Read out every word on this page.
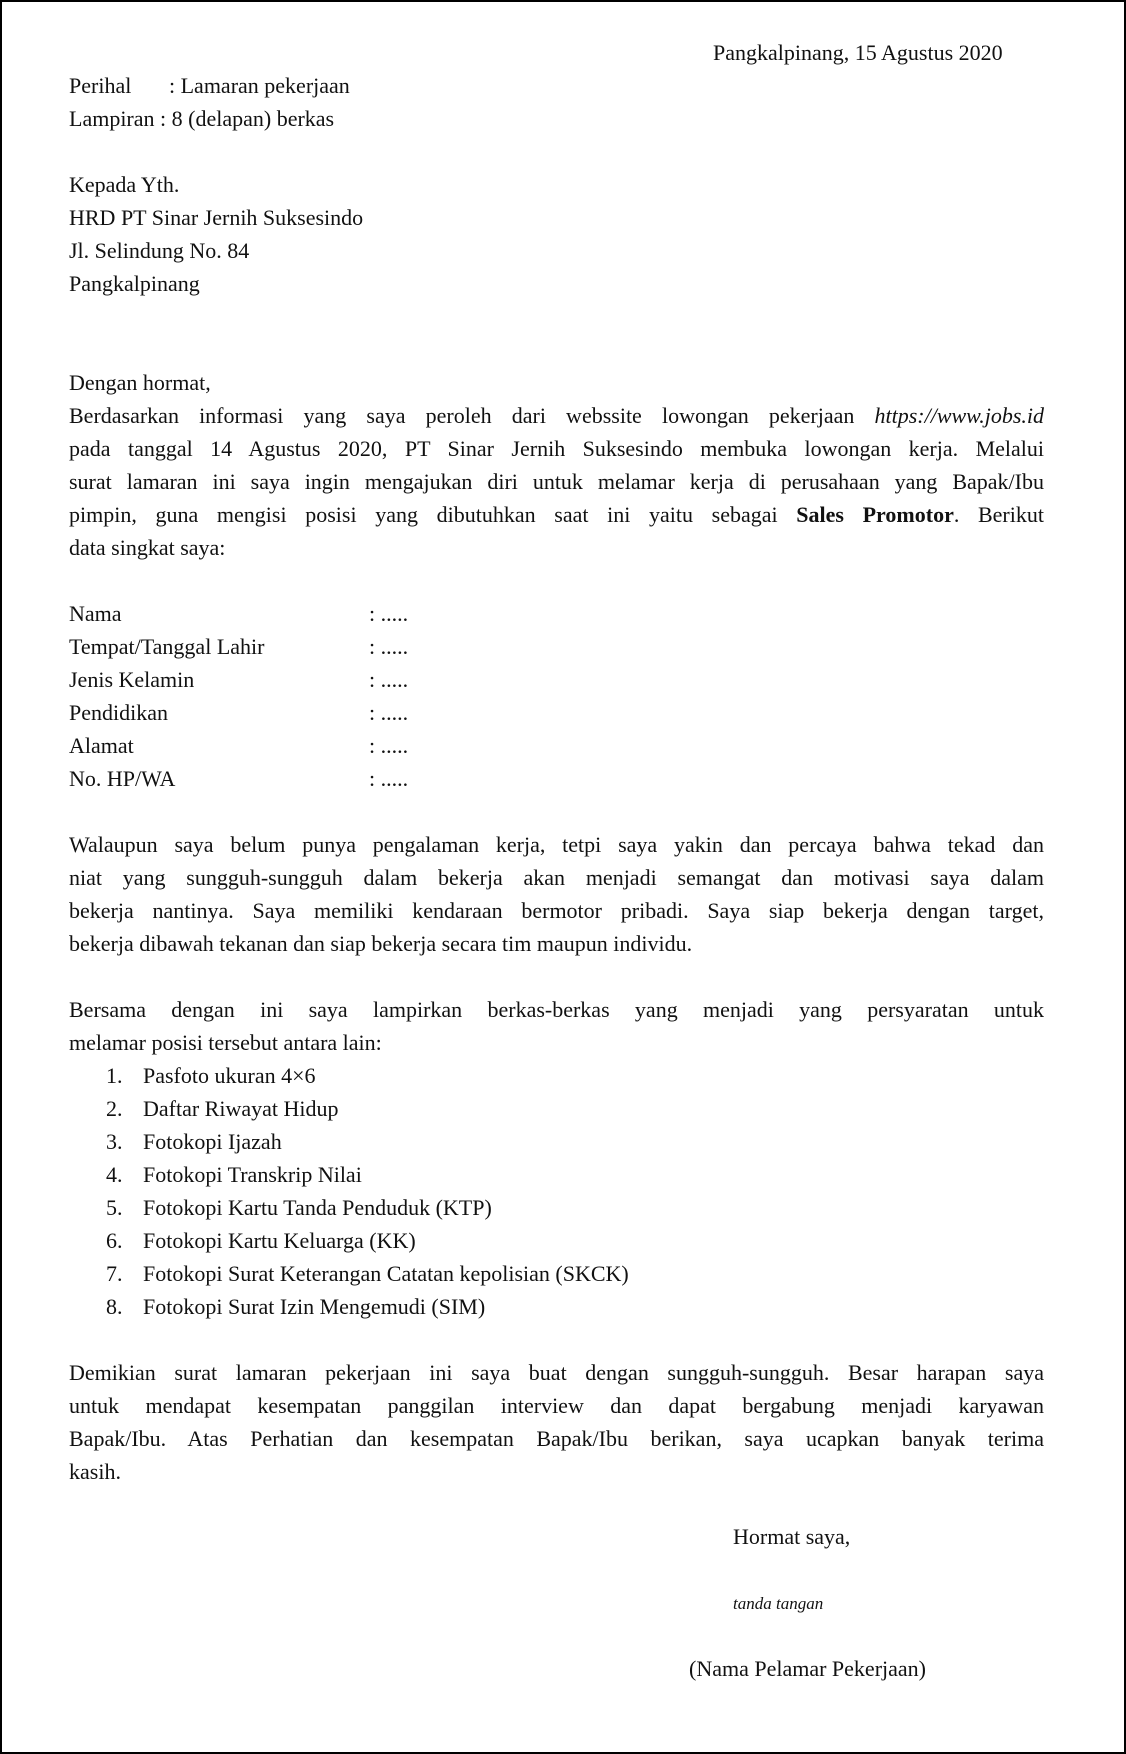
Pangkalpinang, 15 Agustus 2020
Perihal : Lamaran pekerjaan
Lampiran : 8 (delapan) berkas
Kepada Yth.
HRD PT Sinar Jernih Suksesindo
Jl. Selindung No. 84
Pangkalpinang
Dengan hormat,
Berdasarkan informasi yang saya peroleh dari webssite lowongan pekerjaan https://www.jobs.id
pada tanggal 14 Agustus 2020, PT Sinar Jernih Suksesindo membuka lowongan kerja. Melalui
surat lamaran ini saya ingin mengajukan diri untuk melamar kerja di perusahaan yang Bapak/Ibu
pimpin, guna mengisi posisi yang dibutuhkan saat ini yaitu sebagai Sales Promotor. Berikut
data singkat saya:
Nama	: .....
Tempat/Tanggal Lahir	: .....
Jenis Kelamin	: .....
Pendidikan	: .....
Alamat	: .....
No. HP/WA	: .....
Walaupun saya belum punya pengalaman kerja, tetpi saya yakin dan percaya bahwa tekad dan
niat yang sungguh-sungguh dalam bekerja akan menjadi semangat dan motivasi saya dalam
bekerja nantinya. Saya memiliki kendaraan bermotor pribadi. Saya siap bekerja dengan target,
bekerja dibawah tekanan dan siap bekerja secara tim maupun individu.
Bersama dengan ini saya lampirkan berkas-berkas yang menjadi yang persyaratan untuk
melamar posisi tersebut antara lain:
1. Pasfoto ukuran 4×6
2. Daftar Riwayat Hidup
3. Fotokopi Ijazah
4. Fotokopi Transkrip Nilai
5. Fotokopi Kartu Tanda Penduduk (KTP)
6. Fotokopi Kartu Keluarga (KK)
7. Fotokopi Surat Keterangan Catatan kepolisian (SKCK)
8. Fotokopi Surat Izin Mengemudi (SIM)
Demikian surat lamaran pekerjaan ini saya buat dengan sungguh-sungguh. Besar harapan saya
untuk mendapat kesempatan panggilan interview dan dapat bergabung menjadi karyawan
Bapak/Ibu. Atas Perhatian dan kesempatan Bapak/Ibu berikan, saya ucapkan banyak terima
kasih.
Hormat saya,
tanda tangan
(Nama Pelamar Pekerjaan)
